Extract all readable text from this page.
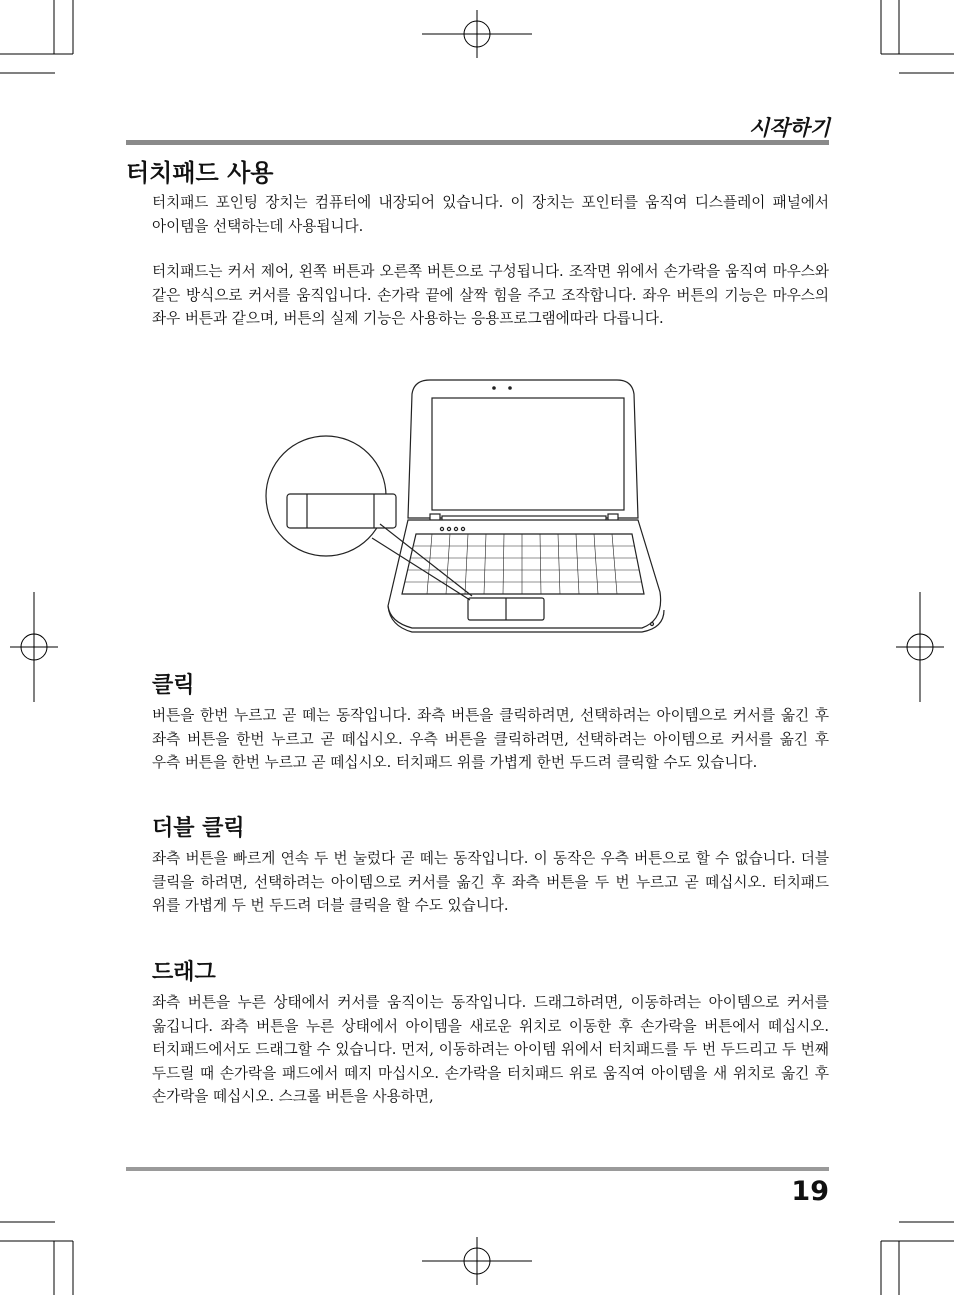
시작하기
터치패드 사용

터치패드 포인팅 장치는 컴퓨터에 내장되어 있습니다. 이 장치는 포인터를 움직여 디스플레이 패널에서 아이템을 선택하는데 사용됩니다.

터치패드는 커서 제어, 왼쪽 버튼과 오른쪽 버튼으로 구성됩니다. 조작면 위에서 손가락을 움직여 마우스와 같은 방식으로 커서를 움직입니다. 손가락 끝에 살짝 힘을 주고 조작합니다. 좌우 버튼의 기능은 마우스의 좌우 버튼과 같으며, 버튼의 실제 기능은 사용하는 응용프로그램에따라 다릅니다.

클릭

버튼을 한번 누르고 곧 떼는 동작입니다. 좌측 버튼을 클릭하려면, 선택하려는 아이템으로 커서를 옮긴 후 좌측 버튼을 한번 누르고 곧 떼십시오. 우측 버튼을 클릭하려면, 선택하려는 아이템으로 커서를 옮긴 후 우측 버튼을 한번 누르고 곧 떼십시오. 터치패드 위를 가볍게 한번 두드려 클릭할 수도 있습니다.

더블 클릭

좌측 버튼을 빠르게 연속 두 번 눌렀다 곧 떼는 동작입니다. 이 동작은 우측 버튼으로 할 수 없습니다. 더블 클릭을 하려면, 선택하려는 아이템으로 커서를 옮긴 후 좌측 버튼을 두 번 누르고 곧 떼십시오. 터치패드 위를 가볍게 두 번 두드려 더블 클릭을 할 수도 있습니다.

드래그

좌측 버튼을 누른 상태에서 커서를 움직이는 동작입니다. 드래그하려면, 이동하려는 아이템으로 커서를 옮깁니다. 좌측 버튼을 누른 상태에서 아이템을 새로운 위치로 이동한 후 손가락을 버튼에서 떼십시오. 터치패드에서도 드래그할 수 있습니다. 먼저, 이동하려는 아이템 위에서 터치패드를 두 번 두드리고 두 번째 두드릴 때 손가락을 패드에서 떼지 마십시오. 손가락을 터치패드 위로 움직여 아이템을 새 위치로 옮긴 후 손가락을 떼십시오. 스크롤 버튼을 사용하면,

19
